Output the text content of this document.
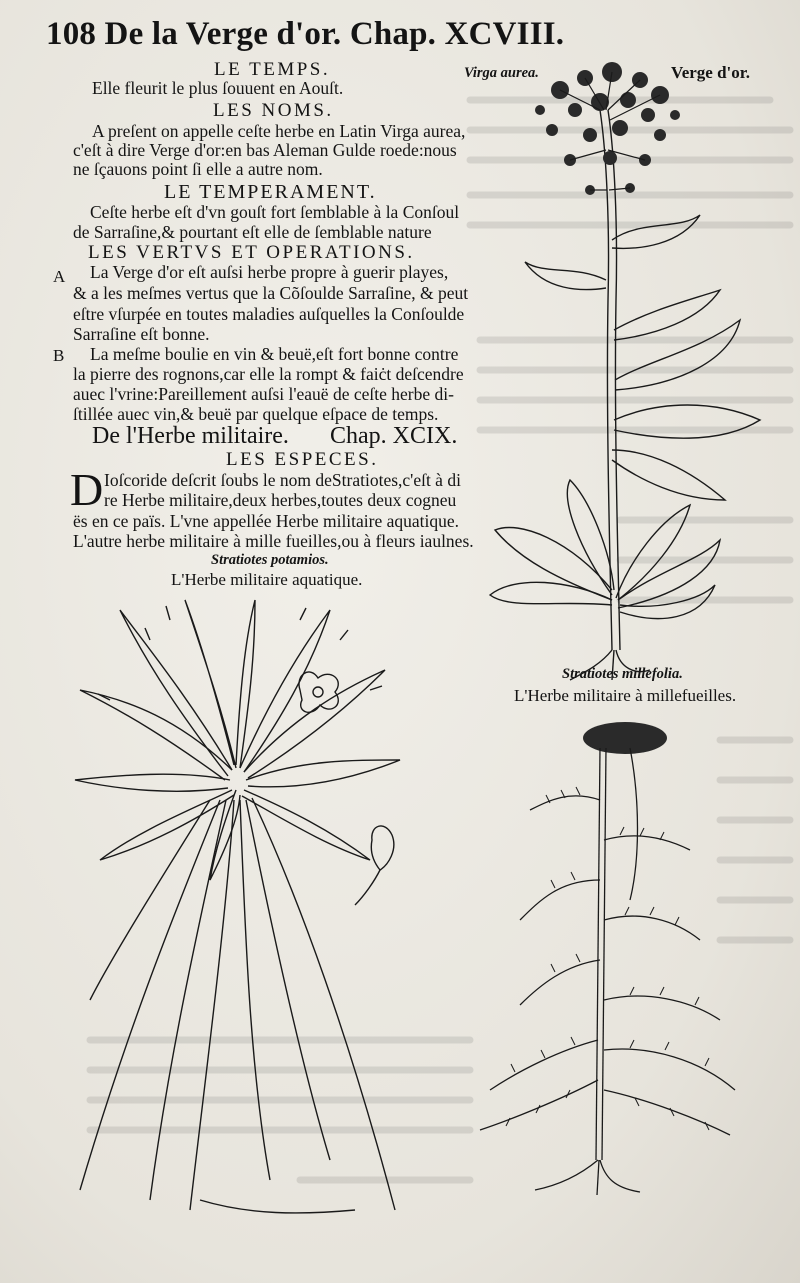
108 De la Verge d'or. Chap. XCVIII.
LE TEMPS.
Elle fleurit le plus ſouuent en Aouſt.
LES NOMS.
A preſent on appelle ceſte herbe en Latin Virga aurea,
c'eſt à dire Verge d'or:en bas Aleman Gulde roede:nous
ne ſçauons point ſi elle a autre nom.
LE TEMPERAMENT.
Ceſte herbe eſt d'vn gouſt fort ſemblable à la Conſoul
de Sarraſine,& pourtant eſt elle de ſemblable nature
LES VERTVS ET OPERATIONS.
A La Verge d'or eſt auſsi herbe propre à guerir playes,
& a les meſmes vertus que la Cõſoulde Sarraſine, & peut
eſtre vſurpée en toutes maladies auſquelles la Conſoulde
Sarraſine eſt bonne.
B La meſme boulie en vin & beuë,eſt fort bonne contre
la pierre des rognons,car elle la rompt & faiċt deſcendre
auec l'vrine:Pareillement auſsi l'eauë de ceſte herbe di-
ſtillée auec vin,& beuë par quelque eſpace de temps.
De l'Herbe militaire. Chap. XCIX.
LES ESPECES.
D Ioſcoride deſcrit ſoubs le nom deStratiotes,c'eſt à di
re Herbe militaire,deux herbes,toutes deux cogneu
ës en ce païs. L'vne appellée Herbe militaire aquatique.
L'autre herbe militaire à mille fueilles,ou à fleurs iaulnes.
Virga aurea.	Verge d'or.
Stratiotes potamios.
L'Herbe militaire aquatique.
Stratiotes millefolia.
L'Herbe militaire à millefueilles.
